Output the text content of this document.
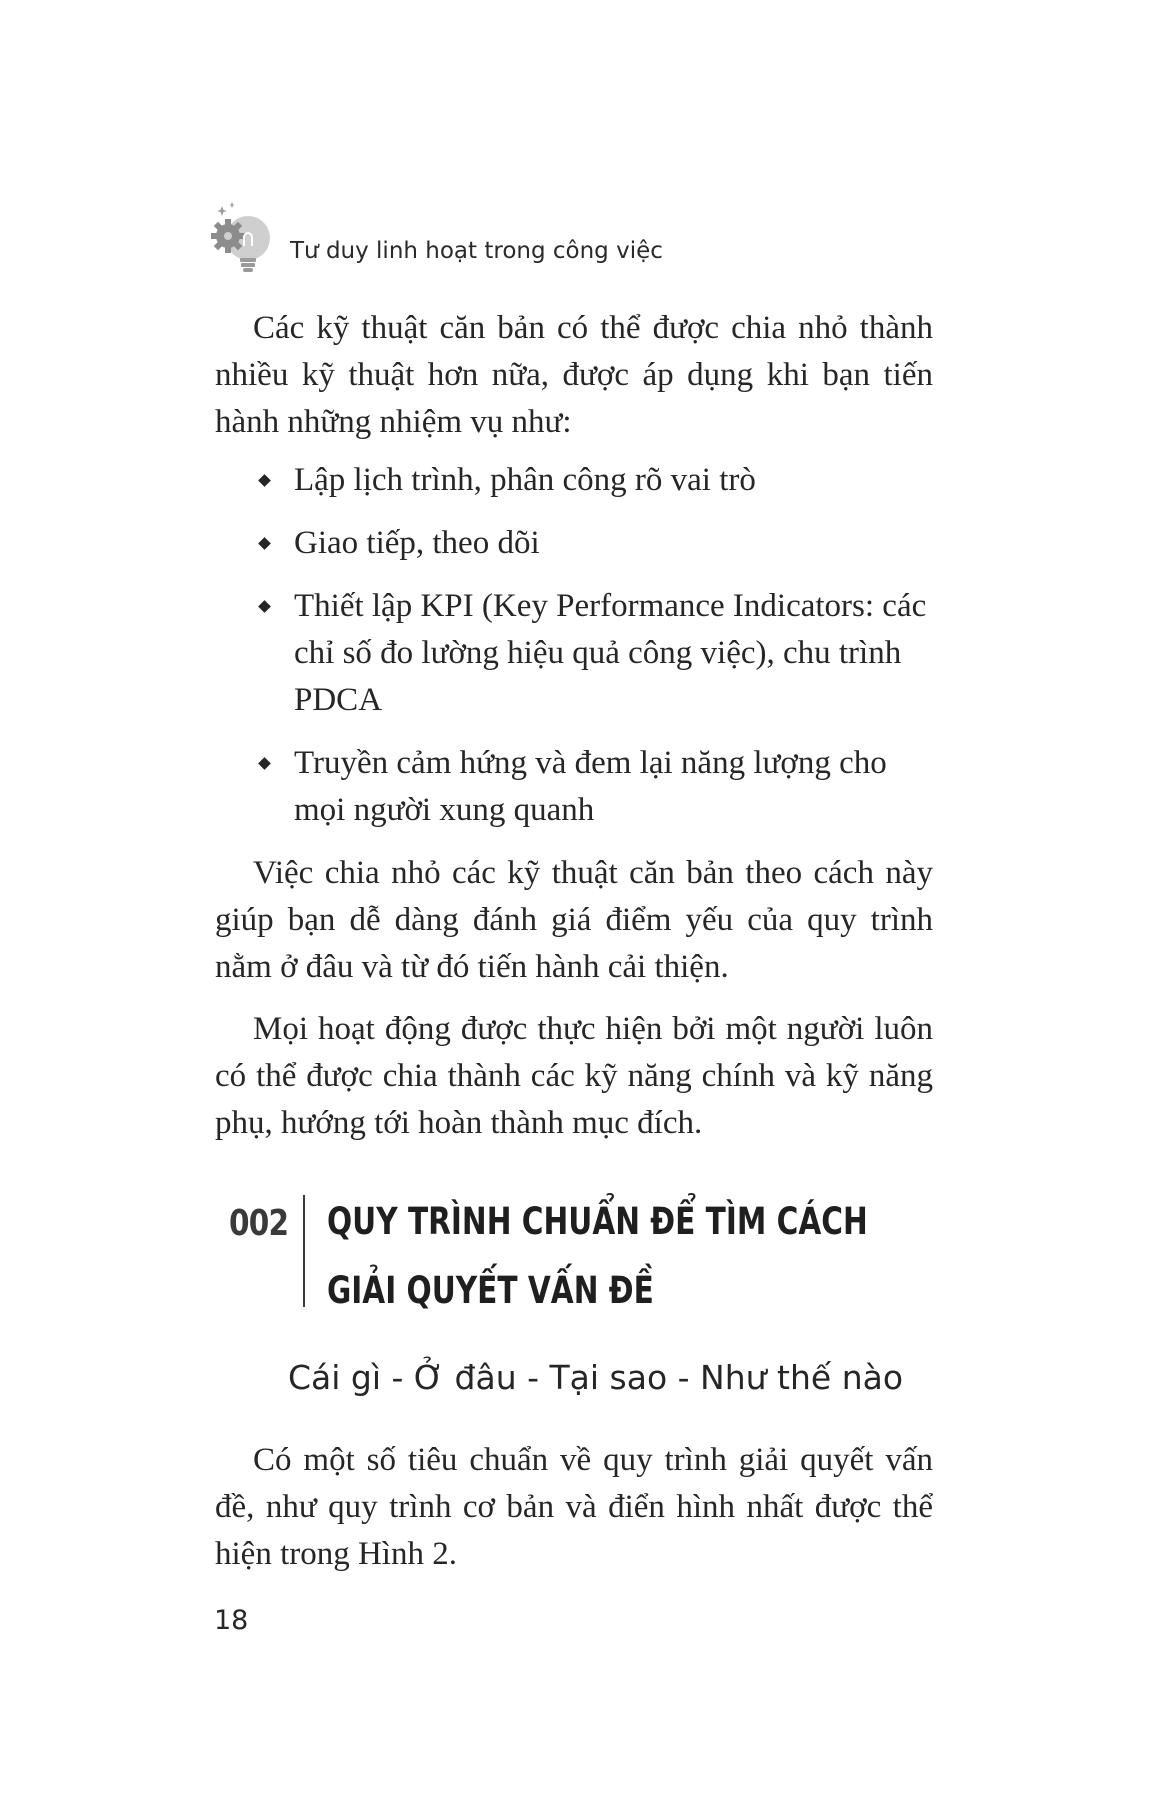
Tư duy linh hoạt trong công việc

Các kỹ thuật căn bản có thể được chia nhỏ thành nhiều kỹ thuật hơn nữa, được áp dụng khi bạn tiến hành những nhiệm vụ như:

Lập lịch trình, phân công rõ vai trò
Giao tiếp, theo dõi
Thiết lập KPI (Key Performance Indicators: các chỉ số đo lường hiệu quả công việc), chu trình PDCA
Truyền cảm hứng và đem lại năng lượng cho mọi người xung quanh

Việc chia nhỏ các kỹ thuật căn bản theo cách này giúp bạn dễ dàng đánh giá điểm yếu của quy trình nằm ở đâu và từ đó tiến hành cải thiện.

Mọi hoạt động được thực hiện bởi một người luôn có thể được chia thành các kỹ năng chính và kỹ năng phụ, hướng tới hoàn thành mục đích.

002 QUY TRÌNH CHUẨN ĐỂ TÌM CÁCH
GIẢI QUYẾT VẤN ĐỀ
Cái gì - Ở đâu - Tại sao - Như thế nào

Có một số tiêu chuẩn về quy trình giải quyết vấn đề, như quy trình cơ bản và điển hình nhất được thể hiện trong Hình 2.

18
